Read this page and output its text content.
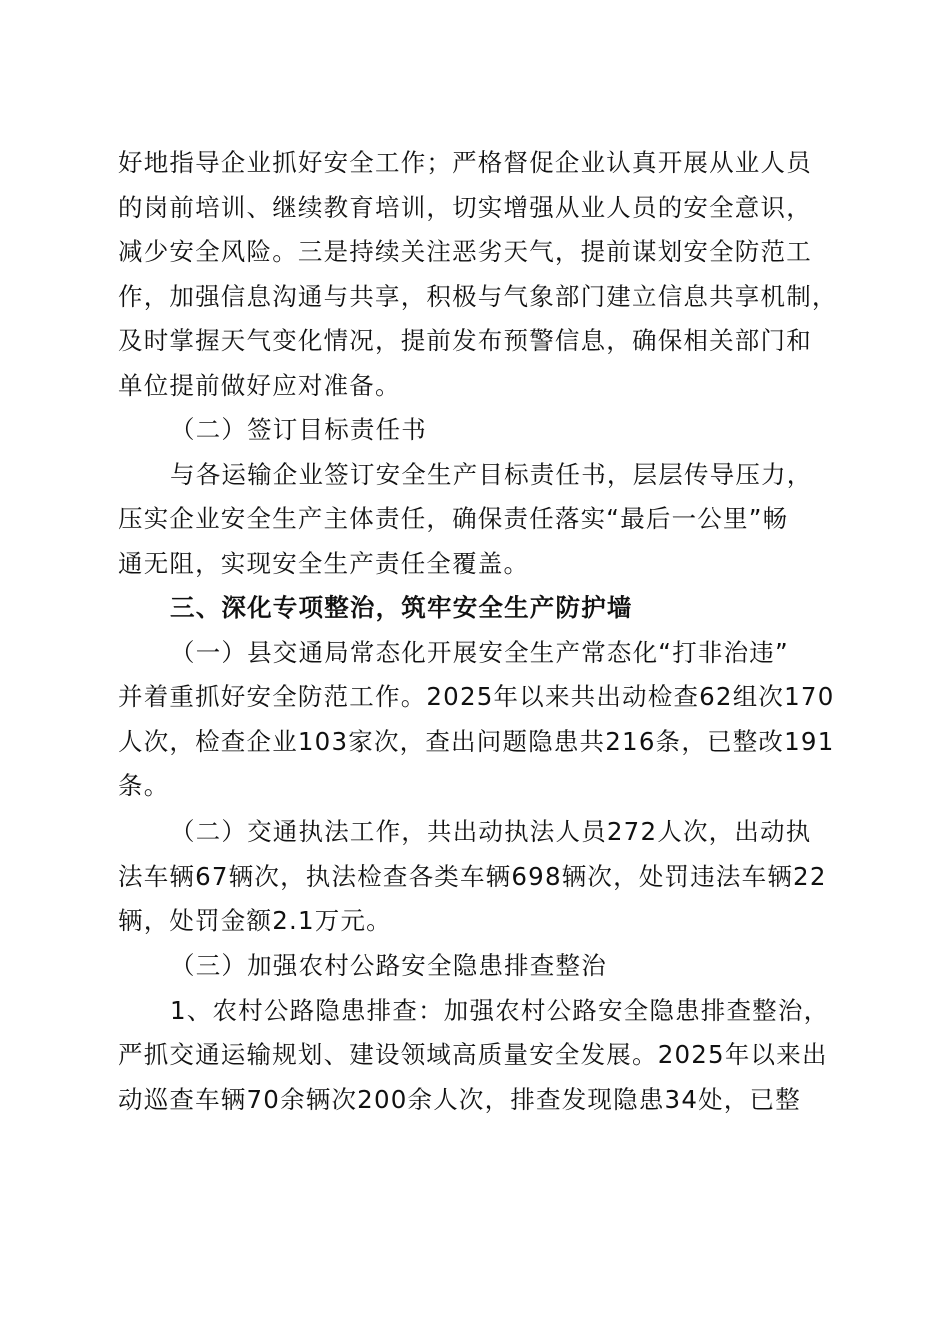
好地指导企业抓好安全工作；严格督促企业认真开展从业人员
的岗前培训、继续教育培训，切实增强从业人员的安全意识，
减少安全风险。三是持续关注恶劣天气，提前谋划安全防范工
作，加强信息沟通与共享，积极与气象部门建立信息共享机制，
及时掌握天气变化情况，提前发布预警信息，确保相关部门和
单位提前做好应对准备。
（二）签订目标责任书
与各运输企业签订安全生产目标责任书，层层传导压力，
压实企业安全生产主体责任，确保责任落实“最后一公里”畅
通无阻，实现安全生产责任全覆盖。
三、深化专项整治，筑牢安全生产防护墙
（一）县交通局常态化开展安全生产常态化“打非治违”
并着重抓好安全防范工作。2025年以来共出动检查62组次170
人次，检查企业103家次，查出问题隐患共216条，已整改191
条。
（二）交通执法工作，共出动执法人员272人次，出动执
法车辆67辆次，执法检查各类车辆698辆次，处罚违法车辆22
辆，处罚金额2.1万元。
（三）加强农村公路安全隐患排查整治
1、农村公路隐患排查：加强农村公路安全隐患排查整治，
严抓交通运输规划、建设领域高质量安全发展。2025年以来出
动巡查车辆70余辆次200余人次，排查发现隐患34处，已整
